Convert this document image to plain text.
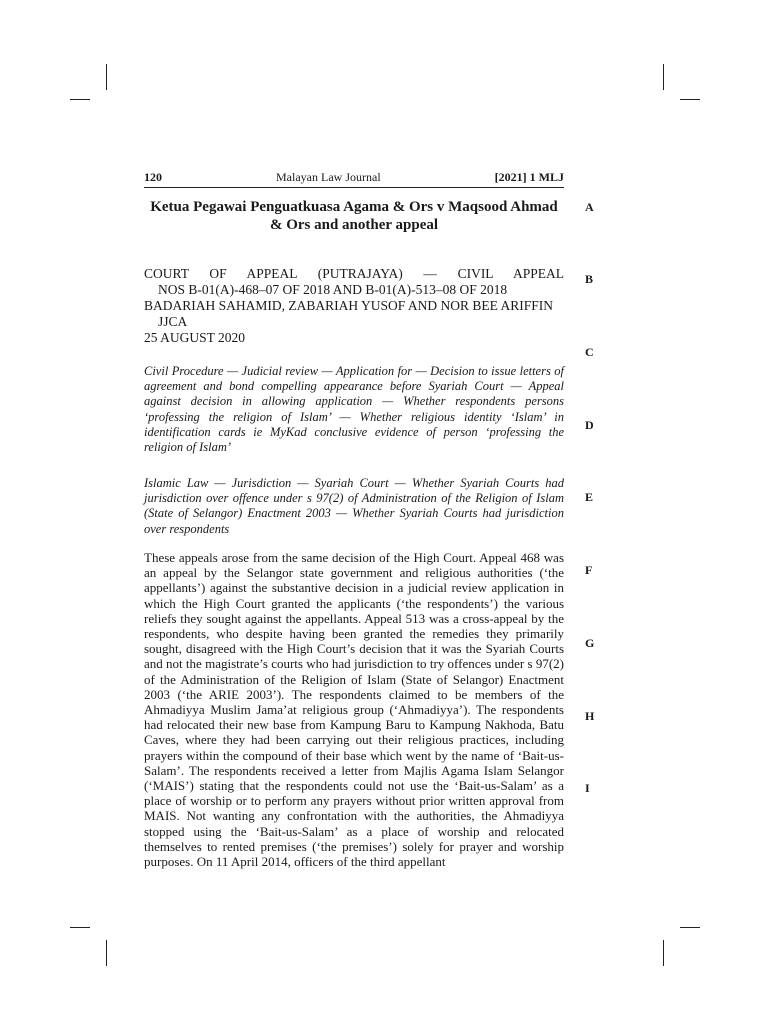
120	Malayan Law Journal	[2021] 1 MLJ
Ketua Pegawai Penguatkuasa Agama & Ors v Maqsood Ahmad & Ors and another appeal
COURT OF APPEAL (PUTRAJAYA) — CIVIL APPEAL
NOS B-01(A)-468–07 OF 2018 AND B-01(A)-513–08 OF 2018
BADARIAH SAHAMID, ZABARIAH YUSOF AND NOR BEE ARIFFIN
JJCA
25 AUGUST 2020
Civil Procedure — Judicial review — Application for — Decision to issue letters of agreement and bond compelling appearance before Syariah Court — Appeal against decision in allowing application — Whether respondents persons ‘professing the religion of Islam’ — Whether religious identity ‘Islam’ in identification cards ie MyKad conclusive evidence of person ‘professing the religion of Islam’
Islamic Law — Jurisdiction — Syariah Court — Whether Syariah Courts had jurisdiction over offence under s 97(2) of Administration of the Religion of Islam (State of Selangor) Enactment 2003 — Whether Syariah Courts had jurisdiction over respondents
These appeals arose from the same decision of the High Court. Appeal 468 was an appeal by the Selangor state government and religious authorities (‘the appellants’) against the substantive decision in a judicial review application in which the High Court granted the applicants (‘the respondents’) the various reliefs they sought against the appellants. Appeal 513 was a cross-appeal by the respondents, who despite having been granted the remedies they primarily sought, disagreed with the High Court’s decision that it was the Syariah Courts and not the magistrate’s courts who had jurisdiction to try offences under s 97(2) of the Administration of the Religion of Islam (State of Selangor) Enactment 2003 (‘the ARIE 2003’). The respondents claimed to be members of the Ahmadiyya Muslim Jama’at religious group (‘Ahmadiyya’). The respondents had relocated their new base from Kampung Baru to Kampung Nakhoda, Batu Caves, where they had been carrying out their religious practices, including prayers within the compound of their base which went by the name of ‘Bait-us-Salam’. The respondents received a letter from Majlis Agama Islam Selangor (‘MAIS’) stating that the respondents could not use the ‘Bait-us-Salam’ as a place of worship or to perform any prayers without prior written approval from MAIS. Not wanting any confrontation with the authorities, the Ahmadiyya stopped using the ‘Bait-us-Salam’ as a place of worship and relocated themselves to rented premises (‘the premises’) solely for prayer and worship purposes. On 11 April 2014, officers of the third appellant
A
B
C
D
E
F
G
H
I
